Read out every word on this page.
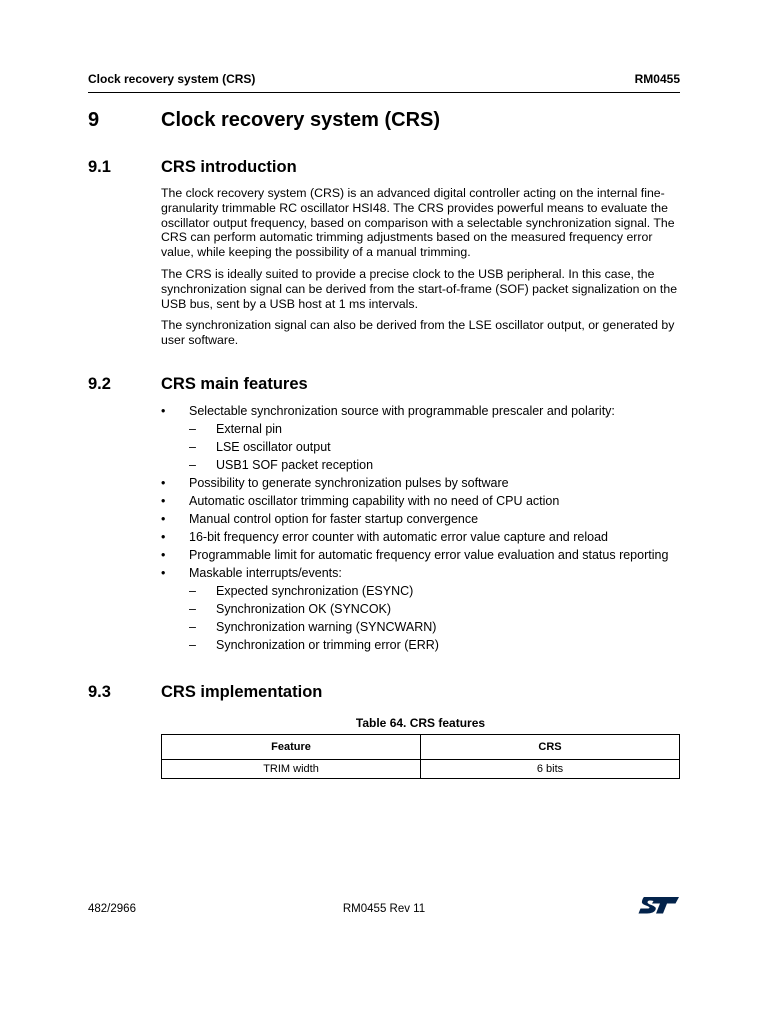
Clock recovery system (CRS)	RM0455
9	Clock recovery system (CRS)
9.1	CRS introduction

The clock recovery system (CRS) is an advanced digital controller acting on the internal fine-granularity trimmable RC oscillator HSI48. The CRS provides powerful means to evaluate the oscillator output frequency, based on comparison with a selectable synchronization signal. The CRS can perform automatic trimming adjustments based on the measured frequency error value, while keeping the possibility of a manual trimming.

The CRS is ideally suited to provide a precise clock to the USB peripheral. In this case, the synchronization signal can be derived from the start-of-frame (SOF) packet signalization on the USB bus, sent by a USB host at 1 ms intervals.

The synchronization signal can also be derived from the LSE oscillator output, or generated by user software.

9.2	CRS main features
•	Selectable synchronization source with programmable prescaler and polarity:
– External pin
– LSE oscillator output
– USB1 SOF packet reception
•	Possibility to generate synchronization pulses by software
•	Automatic oscillator trimming capability with no need of CPU action
•	Manual control option for faster startup convergence
•	16-bit frequency error counter with automatic error value capture and reload
•	Programmable limit for automatic frequency error value evaluation and status reporting
•	Maskable interrupts/events:
– Expected synchronization (ESYNC)
– Synchronization OK (SYNCOK)
– Synchronization warning (SYNCWARN)
– Synchronization or trimming error (ERR)
9.3	CRS implementation
Table 64. CRS features
Feature	CRS
TRIM width	6 bits
482/2966	RM0455 Rev 11
